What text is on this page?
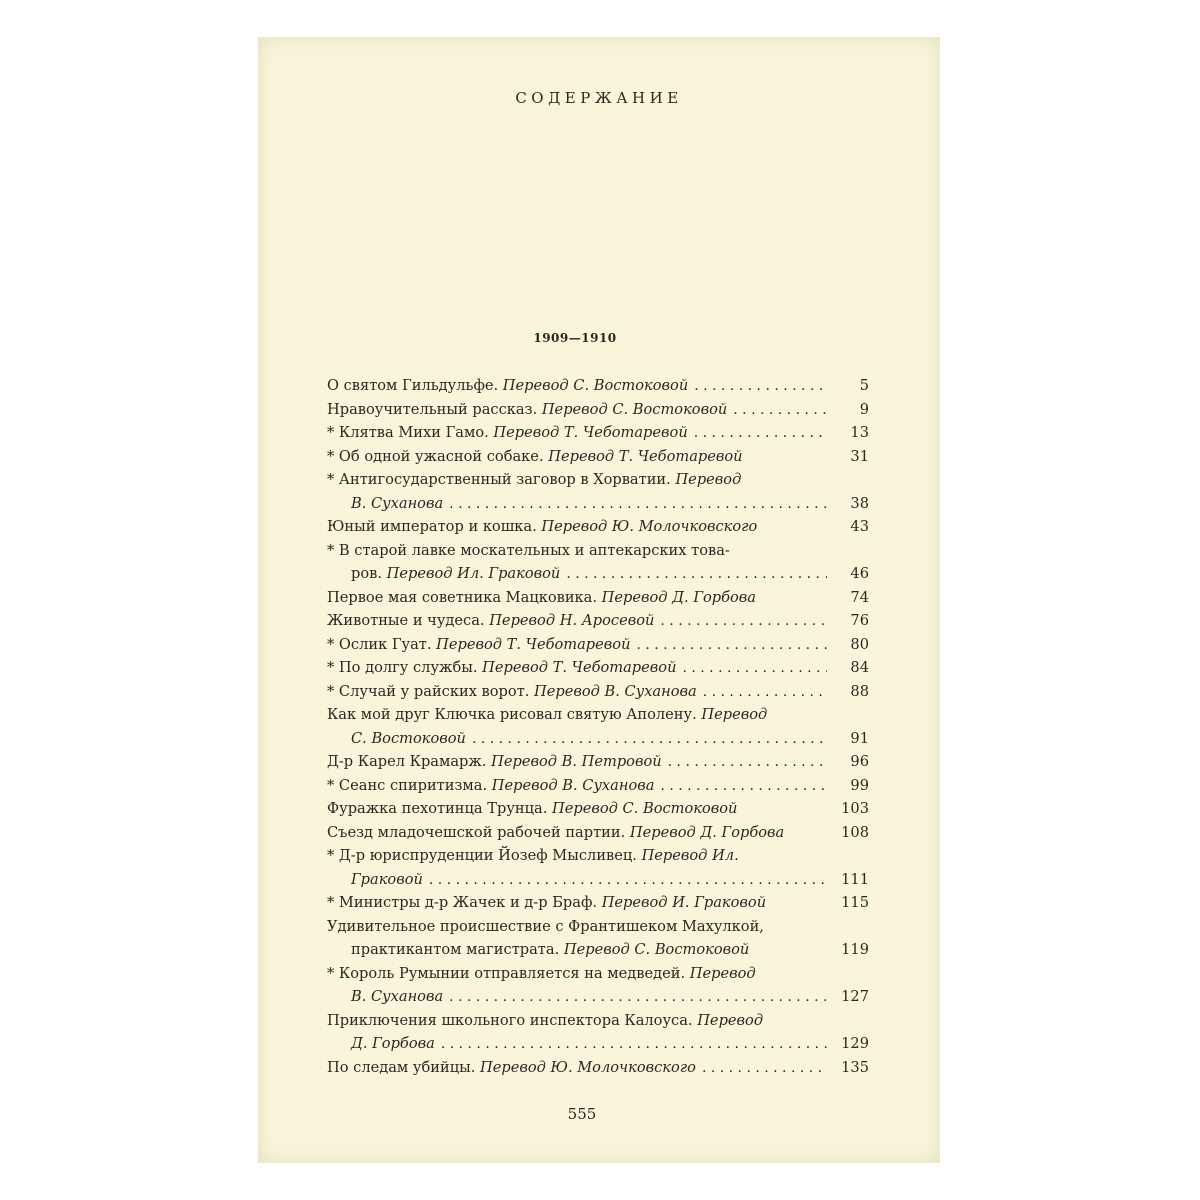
СОДЕРЖАНИЕ
1909—1910
О святом Гильдульфе. Перевод С. Востоковой . . .	5
Нравоучительный рассказ. Перевод С. Востоковой . . .	9
* Клятва Михи Гамо. Перевод Т. Чеботаревой . . .	13
* Об одной ужасной собаке. Перевод Т. Чеботаревой	31
* Антигосударственный заговор в Хорватии. Перевод
В. Суханова . . .	38
Юный император и кошка. Перевод Ю. Молочковского	43
* В старой лавке москательных и аптекарских това-
ров. Перевод Ил. Граковой . . .	46
Первое мая советника Мацковика. Перевод Д. Горбова	74
Животные и чудеса. Перевод Н. Аросевой . . .	76
* Ослик Гуат. Перевод Т. Чеботаревой . . .	80
* По долгу службы. Перевод Т. Чеботаревой . . .	84
* Случай у райских ворот. Перевод В. Суханова . . .	88
Как мой друг Ключка рисовал святую Аполену. Перевод
С. Востоковой . . .	91
Д-р Карел Крамарж. Перевод В. Петровой . . .	96
* Сеанс спиритизма. Перевод В. Суханова . . .	99
Фуражка пехотинца Трунца. Перевод С. Востоковой	103
Съезд младочешской рабочей партии. Перевод Д. Горбова	108
* Д-р юриспруденции Йозеф Мысливец. Перевод Ил.
Граковой . . .	111
* Министры д-р Жачек и д-р Браф. Перевод И. Граковой	115
Удивительное происшествие с Франтишеком Махулкой,
практикантом магистрата. Перевод С. Востоковой	119
* Король Румынии отправляется на медведей. Перевод
В. Суханова . . .	127
Приключения школьного инспектора Калоуса. Перевод
Д. Горбова . . .	129
По следам убийцы. Перевод Ю. Молочковского . . .	135
555
